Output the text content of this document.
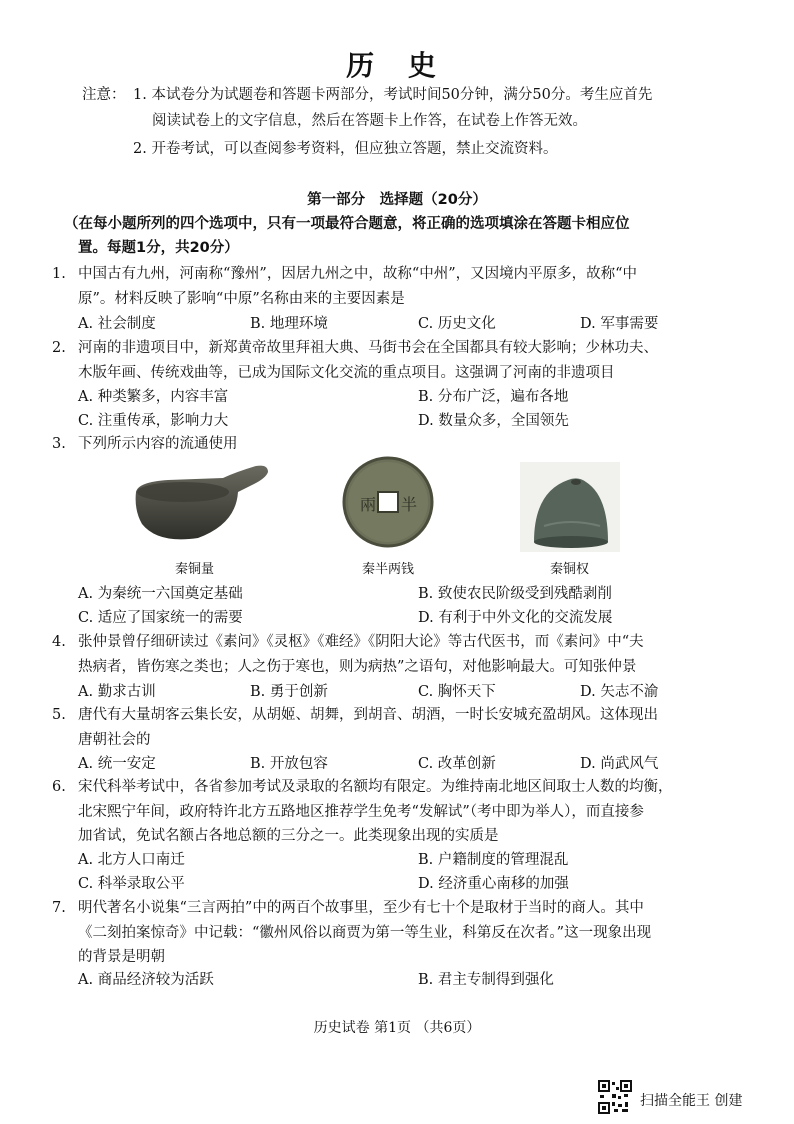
历 史
注意： 1. 本试卷分为试题卷和答题卡两部分，考试时间50分钟，满分50分。考生应首先
阅读试卷上的文字信息，然后在答题卡上作答，在试卷上作答无效。
2. 开卷考试，可以查阅参考资料，但应独立答题，禁止交流资料。
第一部分　选择题（20分）
（在每小题所列的四个选项中，只有一项最符合题意，将正确的选项填涂在答题卡相应位
置。每题1分，共20分）
1. 中国古有九州，河南称“豫州”，因居九州之中，故称“中州”，又因境内平原多，故称“中
原”。材料反映了影响“中原”名称由来的主要因素是
A. 社会制度	B. 地理环境	C. 历史文化	D. 军事需要
2. 河南的非遗项目中，新郑黄帝故里拜祖大典、马街书会在全国都具有较大影响；少林功夫、
木版年画、传统戏曲等，已成为国际文化交流的重点项目。这强调了河南的非遗项目
A. 种类繁多，内容丰富	B. 分布广泛，遍布各地
C. 注重传承，影响力大	D. 数量众多，全国领先
3. 下列所示内容的流通使用
秦铜量
兩 半
秦半两钱	秦铜权
A. 为秦统一六国奠定基础	B. 致使农民阶级受到残酷剥削
C. 适应了国家统一的需要	D. 有利于中外文化的交流发展
4. 张仲景曾仔细研读过《素问》《灵枢》《难经》《阴阳大论》等古代医书，而《素问》中“夫
热病者，皆伤寒之类也；人之伤于寒也，则为病热”之语句，对他影响最大。可知张仲景
A. 勤求古训	B. 勇于创新	C. 胸怀天下	D. 矢志不渝
5. 唐代有大量胡客云集长安，从胡姬、胡舞，到胡音、胡酒，一时长安城充盈胡风。这体现出
唐朝社会的
A. 统一安定	B. 开放包容	C. 改革创新	D. 尚武风气
6. 宋代科举考试中，各省参加考试及录取的名额均有限定。为维持南北地区间取士人数的均衡，
北宋熙宁年间，政府特许北方五路地区推荐学生免考“发解试”（考中即为举人），而直接参
加省试，免试名额占各地总额的三分之一。此类现象出现的实质是
A. 北方人口南迁	B. 户籍制度的管理混乱
C. 科举录取公平	D. 经济重心南移的加强
7. 明代著名小说集“三言两拍”中的两百个故事里，至少有七十个是取材于当时的商人。其中
《二刻拍案惊奇》中记载：“徽州风俗以商贾为第一等生业，科第反在次者。”这一现象出现
的背景是明朝
A. 商品经济较为活跃	B. 君主专制得到强化
历史试卷 第1页 （共6页）
扫描全能王 创建
